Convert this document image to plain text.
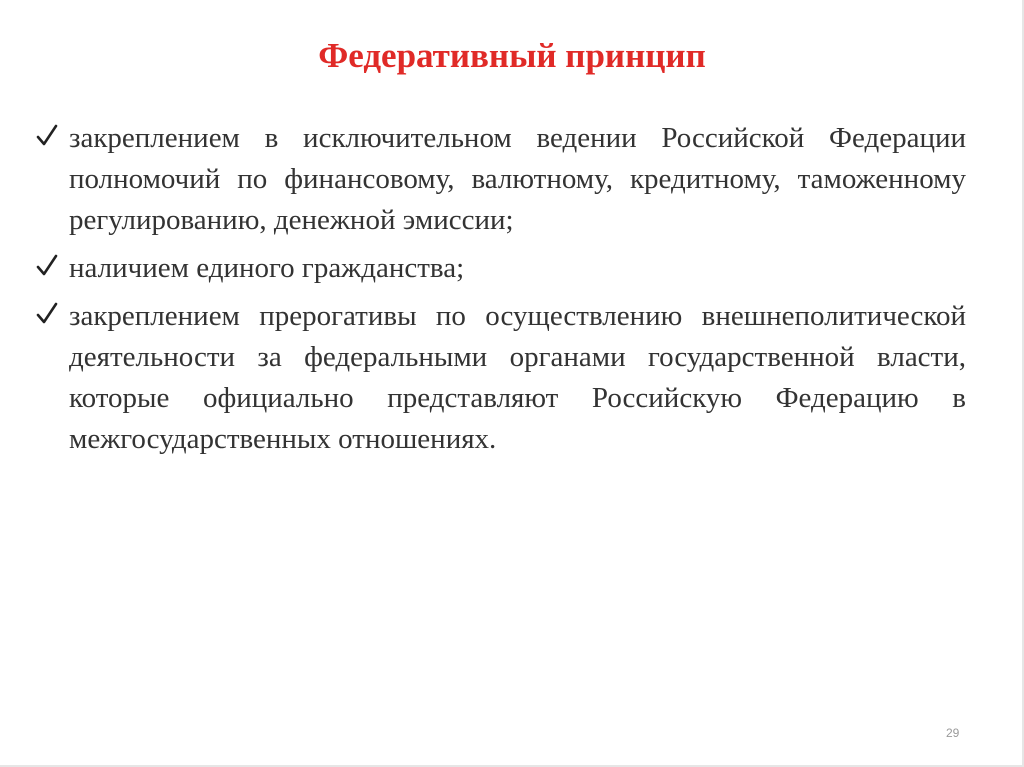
Федеративный принцип
закреплением в исключительном ведении Российской Федерации полномочий по финансовому, валютному, кредитному, таможенному регулированию, денежной эмиссии;
наличием единого гражданства;
закреплением прерогативы по осуществлению внешнеполитической деятельности за федеральными органами государственной власти, которые официально представляют Российскую Федерацию в межгосударственных отношениях.
29
